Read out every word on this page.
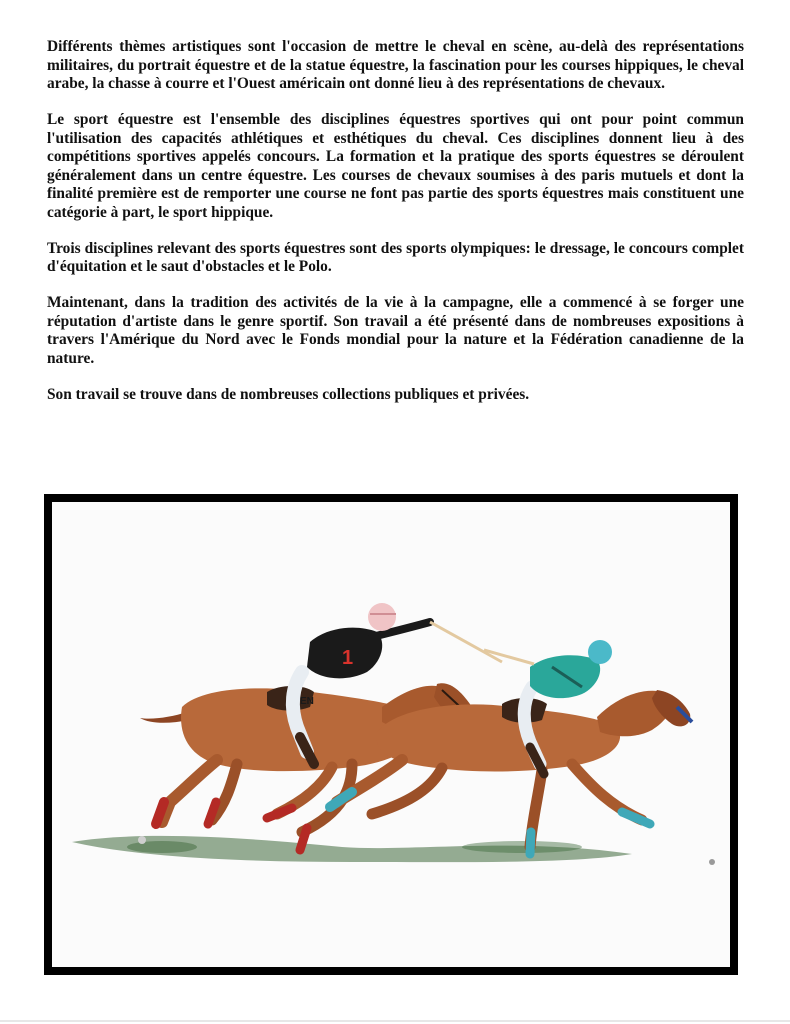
Différents thèmes artistiques sont l'occasion de mettre le cheval en scène, au-delà des représentations militaires, du portrait équestre et de la statue équestre, la fascination pour les courses hippiques, le cheval arabe, la chasse à courre et l'Ouest américain ont donné lieu à des représentations de chevaux.

Le sport équestre est l'ensemble des disciplines équestres sportives qui ont pour point commun l'utilisation des capacités athlétiques et esthétiques du cheval. Ces disciplines donnent lieu à des compétitions sportives appelés concours. La formation et la pratique des sports équestres se déroulent généralement dans un centre équestre. Les courses de chevaux soumises à des paris mutuels et dont la finalité première est de remporter une course ne font pas partie des sports équestres mais constituent une catégorie à part, le sport hippique.

Trois disciplines relevant des sports équestres sont des sports olympiques: le dressage, le concours complet d'équitation et le saut d'obstacles et le Polo.

Maintenant, dans la tradition des activités de la vie à la campagne, elle a commencé à se forger une réputation d'artiste dans le genre sportif. Son travail a été présenté dans de nombreuses expositions à travers l'Amérique du Nord avec le Fonds mondial pour la nature et la Fédération canadienne de la nature.

Son travail se trouve dans de nombreuses collections publiques et privées.

1
EN
